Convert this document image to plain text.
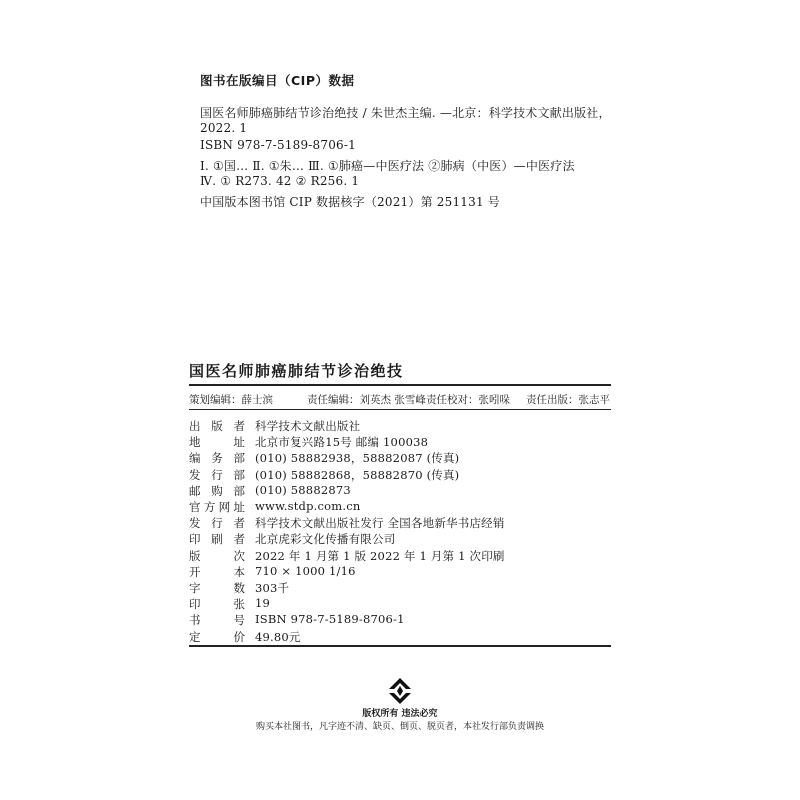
图书在版编目（CIP）数据
国医名师肺癌肺结节诊治绝技 / 朱世杰主编. —北京：科学技术文献出版社，
2022. 1
ISBN 978-7-5189-8706-1
Ⅰ. ①国… Ⅱ. ①朱… Ⅲ. ①肺癌—中医疗法 ②肺病（中医）—中医疗法
Ⅳ. ① R273. 42 ② R256. 1
中国版本图书馆 CIP 数据核字（2021）第 251131 号
国医名师肺癌肺结节诊治绝技
策划编辑：薛士滨	责任编辑：刘英杰 张雪峰 责任校对：张吲哚 责任出版：张志平
出 版 者 科学技术文献出版社
地	址 北京市复兴路15号 邮编 100038
编 务 部 (010) 58882938，58882087 (传真)
发 行 部 (010) 58882868，58882870 (传真)
邮 购 部 (010) 58882873
官 方 网 址 www.stdp.com.cn
发 行 者 科学技术文献出版社发行 全国各地新华书店经销
印 刷 者 北京虎彩文化传播有限公司
版	次 2022 年 1 月第 1 版 2022 年 1 月第 1 次印刷
开	本 710 × 1000 1/16
字	数 303千
印	张 19
书	号 ISBN 978-7-5189-8706-1
定	价 49.80元
版权所有 违法必究
购买本社图书，凡字迹不清、缺页、倒页、脱页者，本社发行部负责调换
